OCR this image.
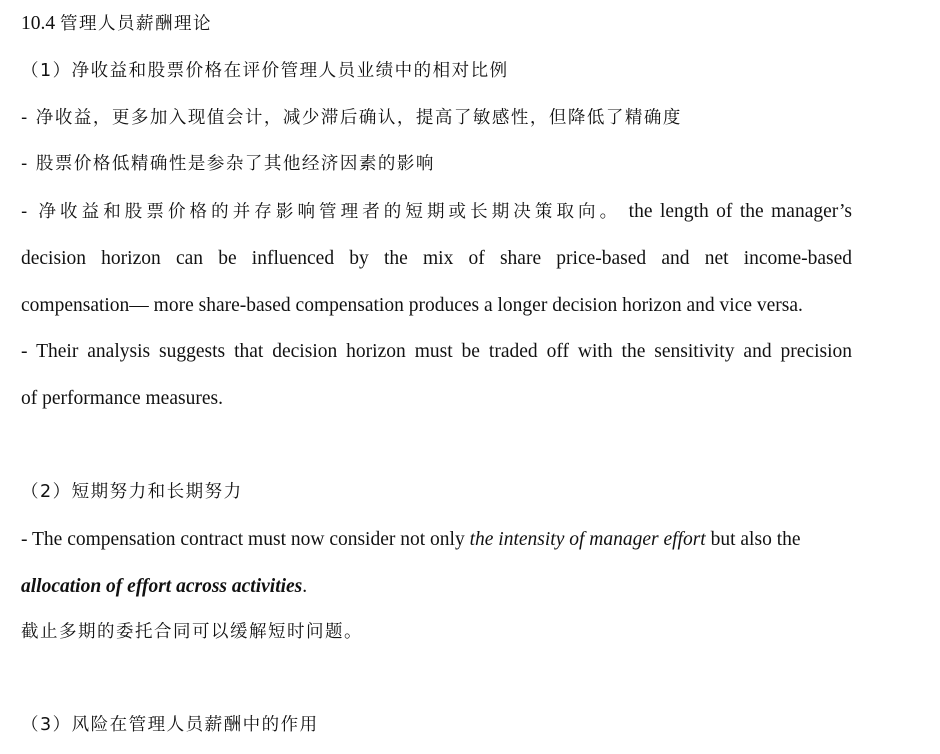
10.4 管理人员薪酬理论
（1）净收益和股票价格在评价管理人员业绩中的相对比例
- 净收益，更多加入现值会计，减少滞后确认，提高了敏感性，但降低了精确度
- 股票价格低精确性是参杂了其他经济因素的影响
- 净收益和股票价格的并存影响管理者的短期或长期决策取向。 the length of the manager’s
decision horizon can be influenced by the mix of share price-based and net income-based
compensation— more share-based compensation produces a longer decision horizon and vice versa.
- Their analysis suggests that decision horizon must be traded off with the sensitivity and precision
of performance measures.
（2）短期努力和长期努力
- The compensation contract must now consider not only the intensity of manager effort but also the
allocation of effort across activities.
截止多期的委托合同可以缓解短时问题。
（3）风险在管理人员薪酬中的作用
